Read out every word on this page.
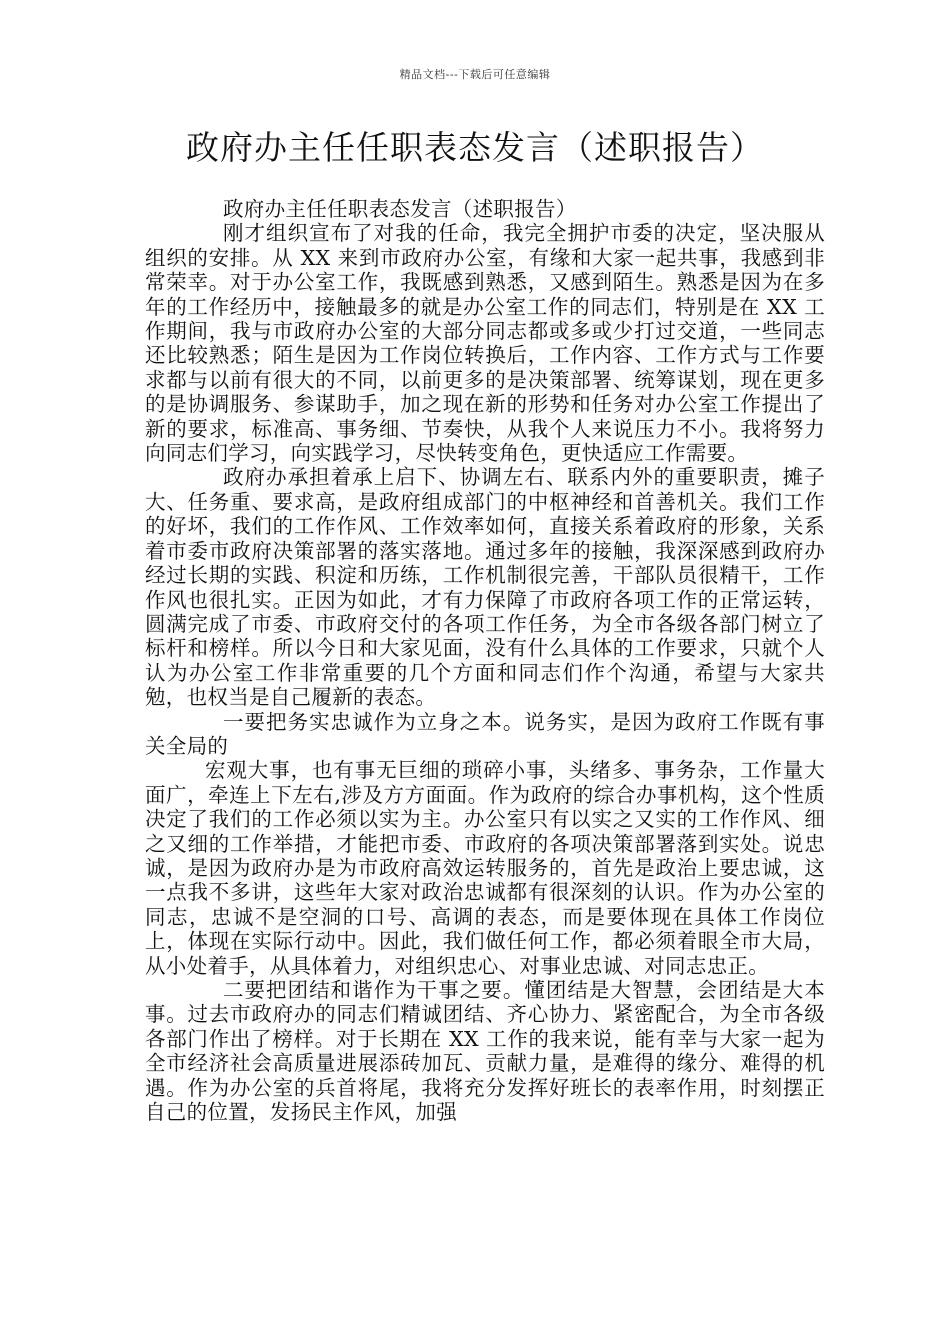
精品文档---下载后可任意编辑
政府办主任任职表态发言（述职报告）

政府办主任任职表态发言（述职报告）

刚才组织宣布了对我的任命，我完全拥护市委的决定，坚决服从组织的安排。从 XX 来到市政府办公室，有缘和大家一起共事，我感到非常荣幸。对于办公室工作，我既感到熟悉，又感到陌生。熟悉是因为在多年的工作经历中，接触最多的就是办公室工作的同志们，特别是在 XX 工作期间，我与市政府办公室的大部分同志都或多或少打过交道，一些同志还比较熟悉；陌生是因为工作岗位转换后，工作内容、工作方式与工作要求都与以前有很大的不同，以前更多的是决策部署、统筹谋划，现在更多的是协调服务、参谋助手，加之现在新的形势和任务对办公室工作提出了新的要求，标准高、事务细、节奏快，从我个人来说压力不小。我将努力向同志们学习，向实践学习，尽快转变角色，更快适应工作需要。

政府办承担着承上启下、协调左右、联系内外的重要职责，摊子大、任务重、要求高，是政府组成部门的中枢神经和首善机关。我们工作的好坏，我们的工作作风、工作效率如何，直接关系着政府的形象，关系着市委市政府决策部署的落实落地。通过多年的接触，我深深感到政府办经过长期的实践、积淀和历练，工作机制很完善，干部队员很精干，工作作风也很扎实。正因为如此，才有力保障了市政府各项工作的正常运转，圆满完成了市委、市政府交付的各项工作任务，为全市各级各部门树立了标杆和榜样。所以今日和大家见面，没有什么具体的工作要求，只就个人认为办公室工作非常重要的几个方面和同志们作个沟通，希望与大家共勉，也权当是自己履新的表态。

一要把务实忠诚作为立身之本。说务实，是因为政府工作既有事关全局的

宏观大事，也有事无巨细的琐碎小事，头绪多、事务杂，工作量大面广，牵连上下左右,涉及方方面面。作为政府的综合办事机构，这个性质决定了我们的工作必须以实为主。办公室只有以实之又实的工作作风、细之又细的工作举措，才能把市委、市政府的各项决策部署落到实处。说忠诚，是因为政府办是为市政府高效运转服务的，首先是政治上要忠诚，这一点我不多讲，这些年大家对政治忠诚都有很深刻的认识。作为办公室的同志，忠诚不是空洞的口号、高调的表态，而是要体现在具体工作岗位上，体现在实际行动中。因此，我们做任何工作，都必须着眼全市大局，从小处着手，从具体着力，对组织忠心、对事业忠诚、对同志忠正。

二要把团结和谐作为干事之要。懂团结是大智慧，会团结是大本事。过去市政府办的同志们精诚团结、齐心协力、紧密配合，为全市各级各部门作出了榜样。对于长期在 XX 工作的我来说，能有幸与大家一起为全市经济社会高质量进展添砖加瓦、贡献力量，是难得的缘分、难得的机遇。作为办公室的兵首将尾，我将充分发挥好班长的表率作用，时刻摆正自己的位置，发扬民主作风，加强
